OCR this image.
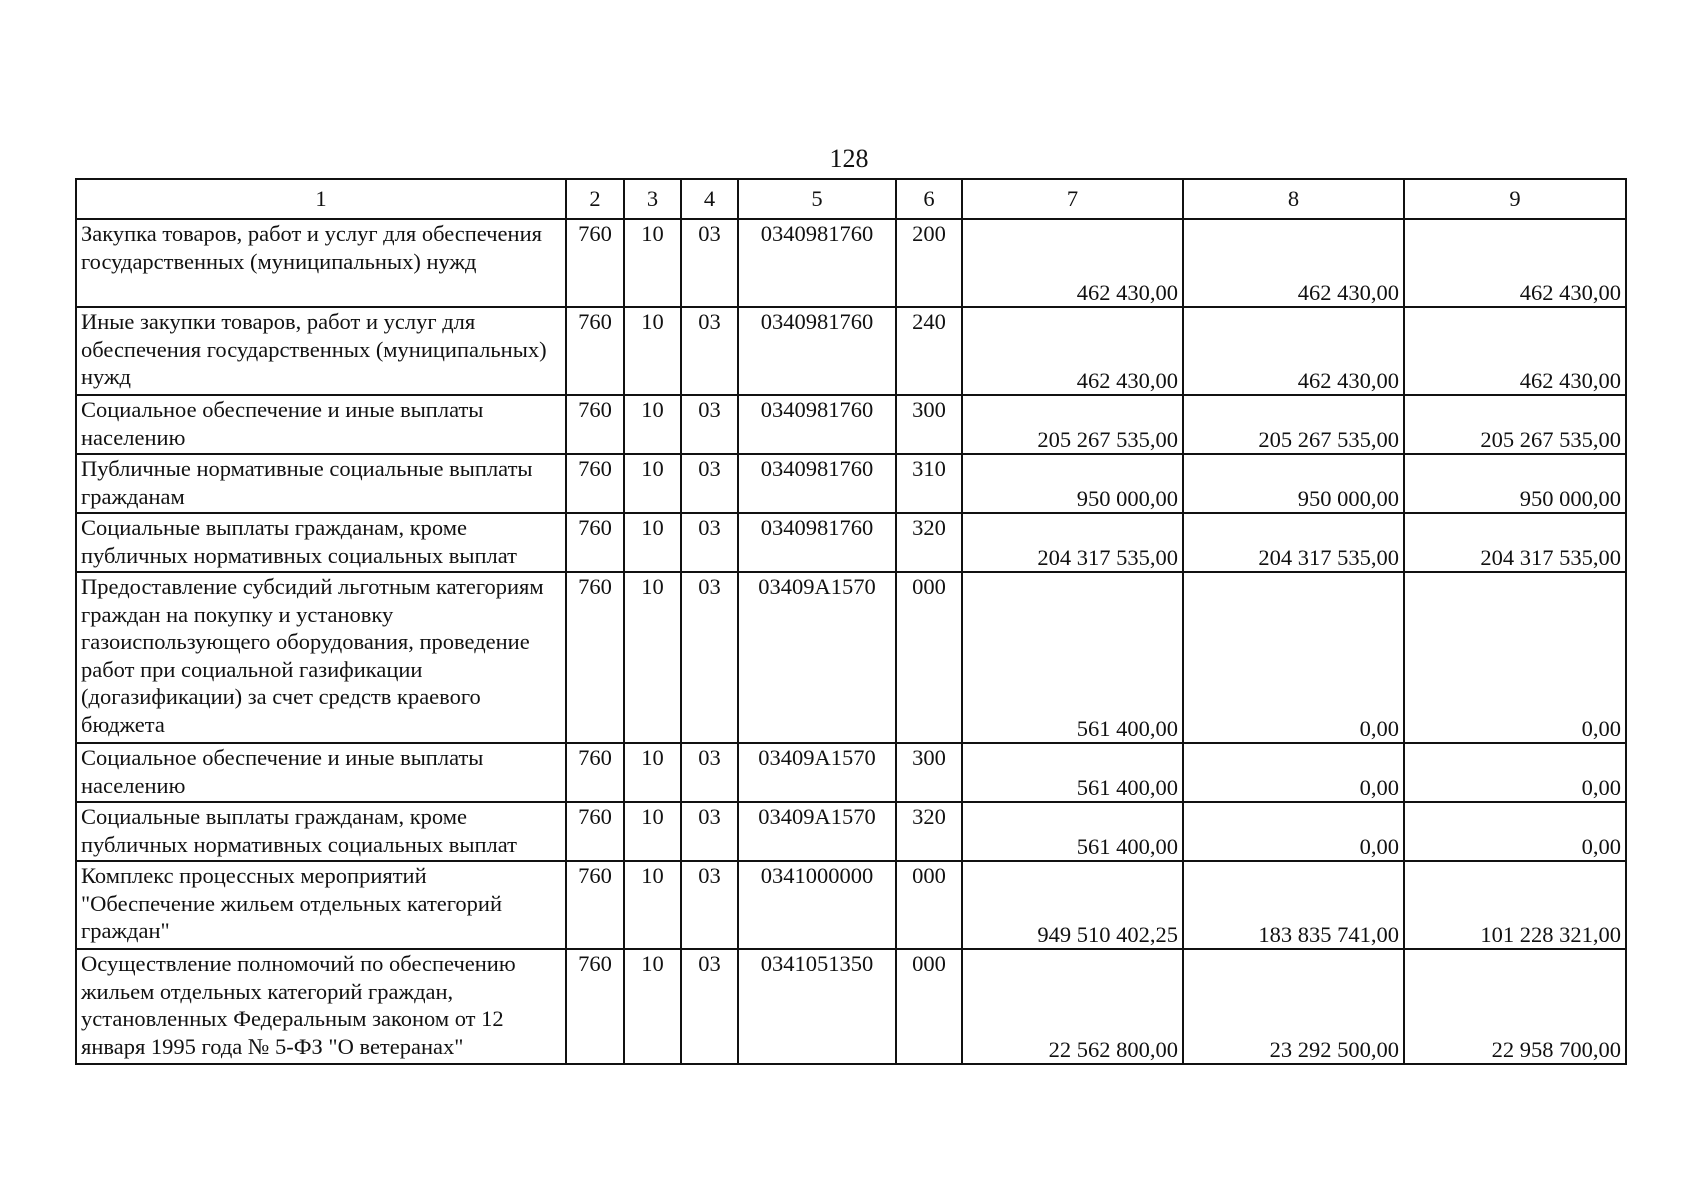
128
1	2	3	4	5	6	7	8	9
Закупка товаров, работ и услуг для обеспечения государственных (муниципальных) нужд	760	10	03	0340981760	200	462 430,00	462 430,00	462 430,00
Иные закупки товаров, работ и услуг для обеспечения государственных (муниципальных) нужд	760	10	03	0340981760	240	462 430,00	462 430,00	462 430,00
Социальное обеспечение и иные выплаты населению	760	10	03	0340981760	300	205 267 535,00	205 267 535,00	205 267 535,00
Публичные нормативные социальные выплаты гражданам	760	10	03	0340981760	310	950 000,00	950 000,00	950 000,00
Социальные выплаты гражданам, кроме публичных нормативных социальных выплат	760	10	03	0340981760	320	204 317 535,00	204 317 535,00	204 317 535,00
Предоставление субсидий льготным категориям граждан на покупку и установку газоиспользующего оборудования, проведение работ при социальной газификации (догазификации) за счет средств краевого бюджета	760	10	03	03409A1570	000	561 400,00	0,00	0,00
Социальное обеспечение и иные выплаты населению	760	10	03	03409A1570	300	561 400,00	0,00	0,00
Социальные выплаты гражданам, кроме публичных нормативных социальных выплат	760	10	03	03409A1570	320	561 400,00	0,00	0,00
Комплекс процессных мероприятий "Обеспечение жильем отдельных категорий граждан"	760	10	03	0341000000	000	949 510 402,25	183 835 741,00	101 228 321,00
Осуществление полномочий по обеспечению жильем отдельных категорий граждан, установленных Федеральным законом от 12 января 1995 года № 5-ФЗ "О ветеранах"	760	10	03	0341051350	000	22 562 800,00	23 292 500,00	22 958 700,00
